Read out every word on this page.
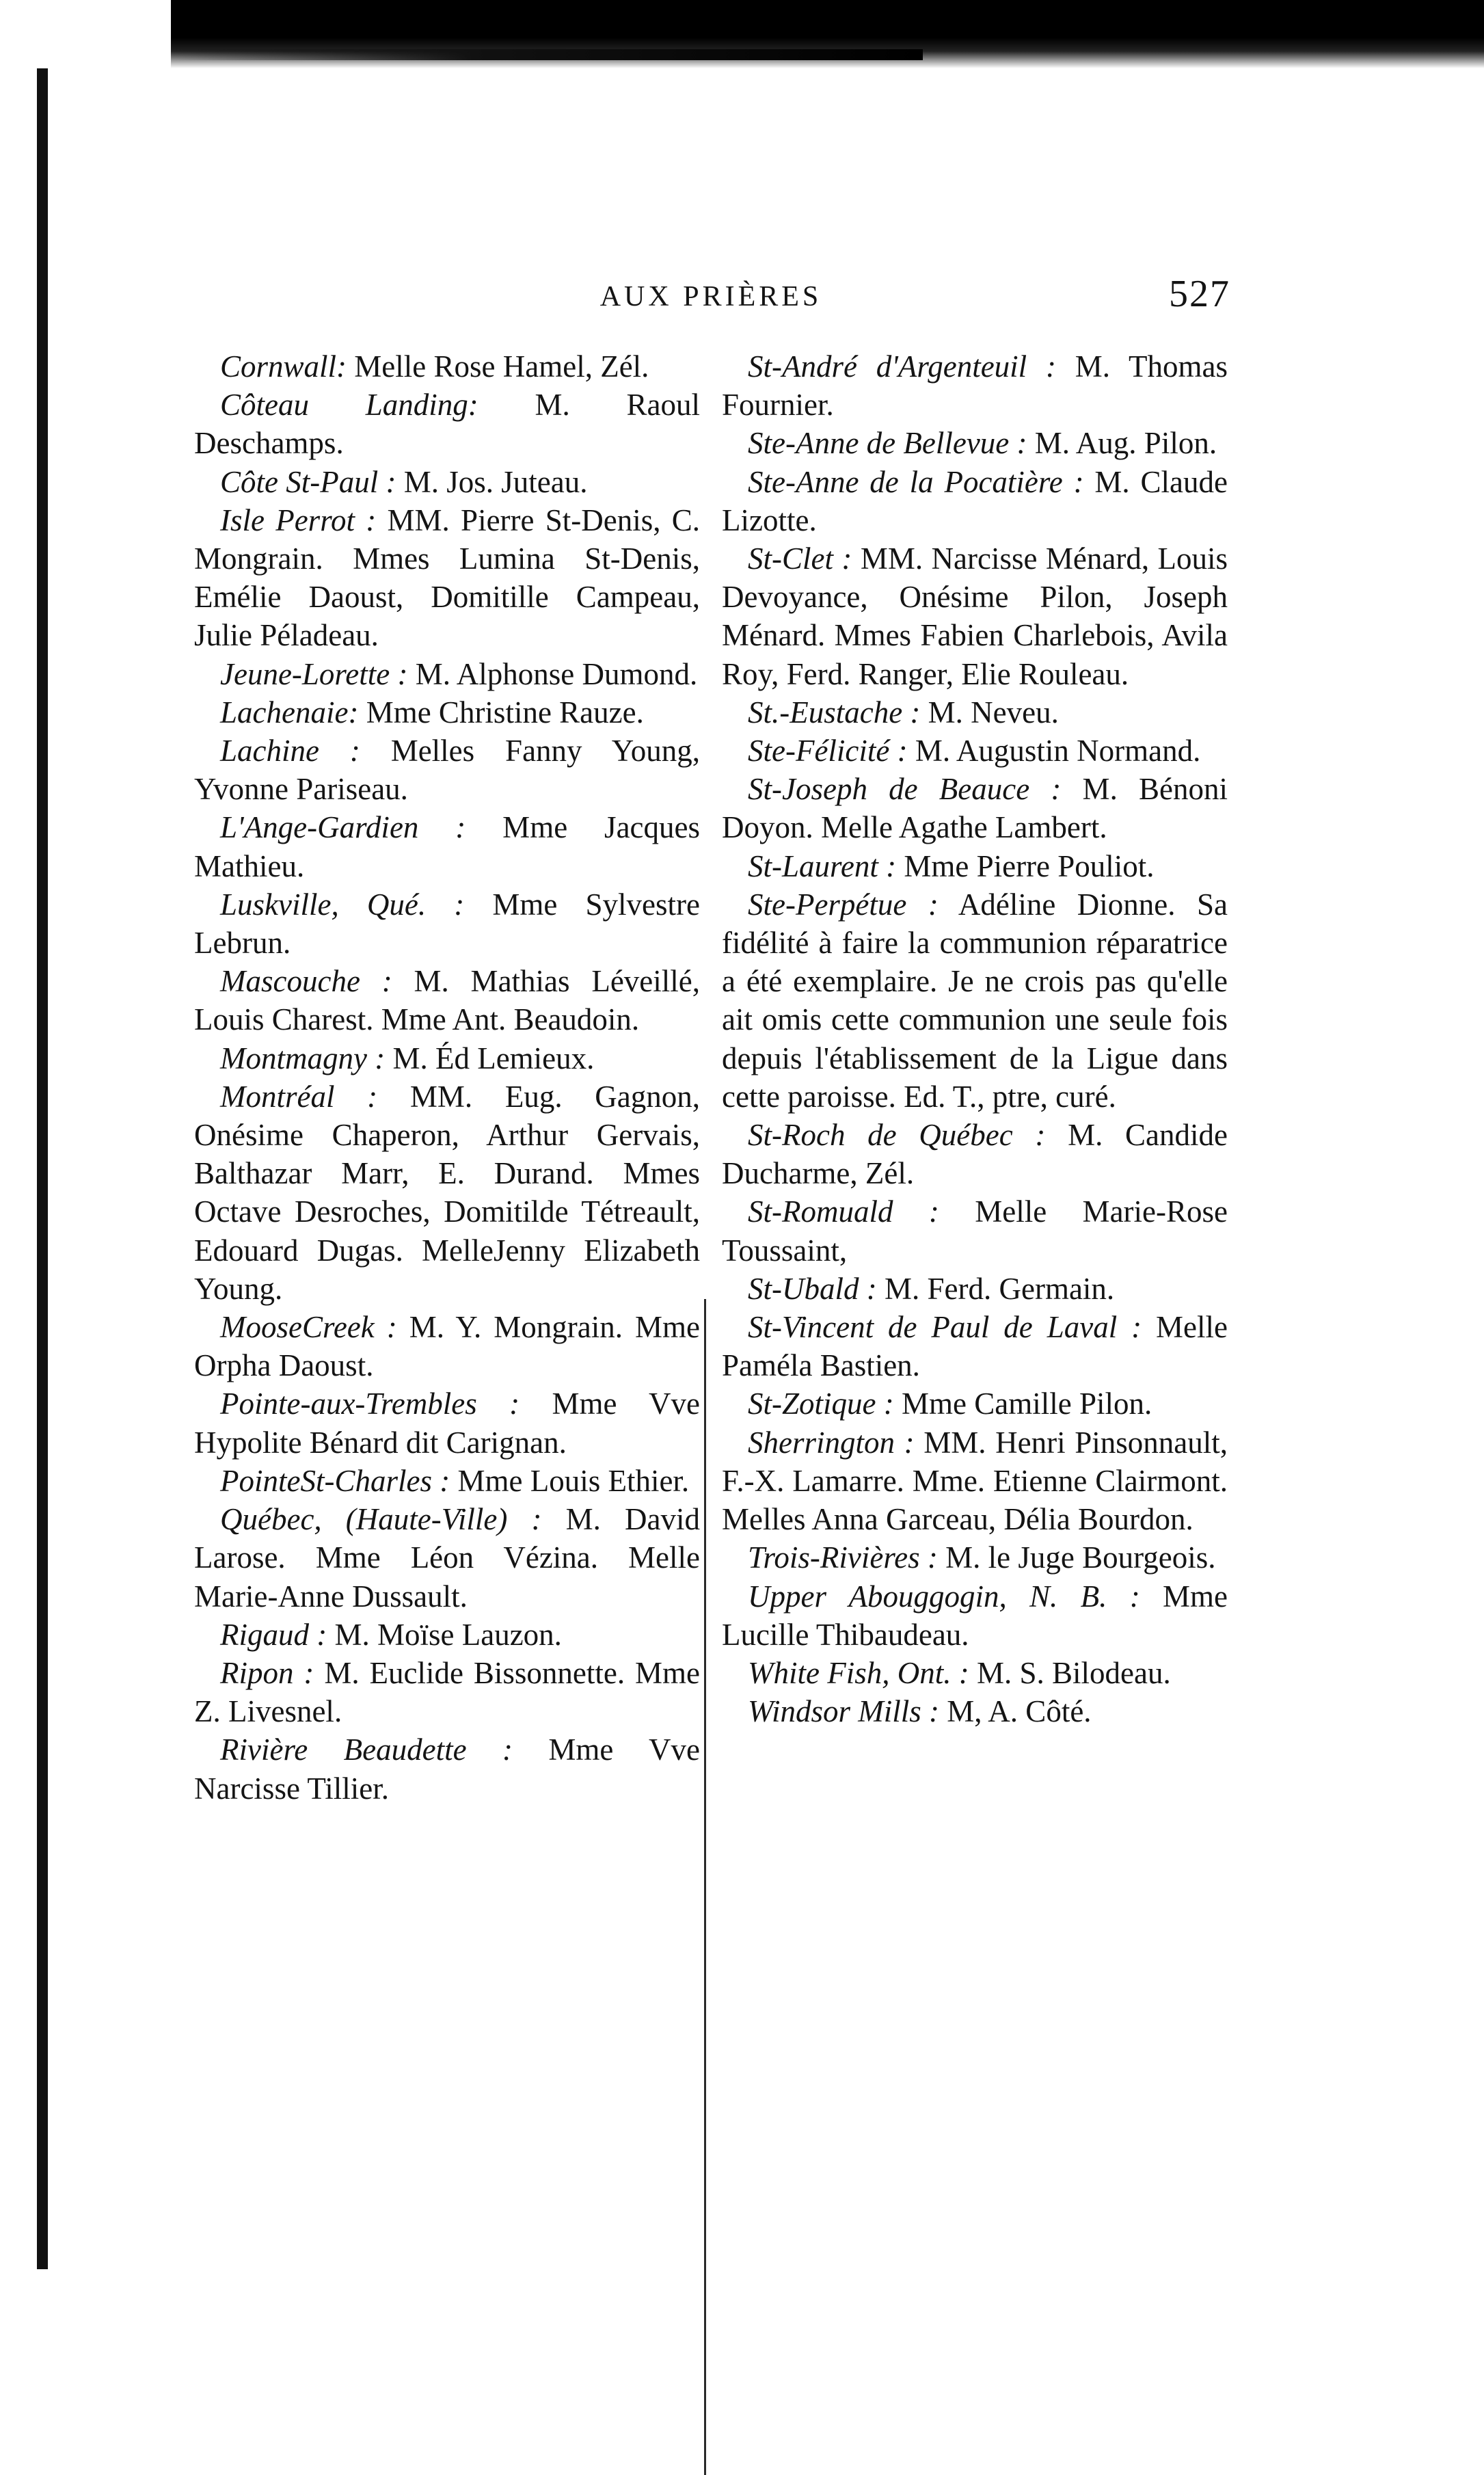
AUX PRIÈRES	527

Cornwall: Melle Rose Hamel, Zél.

Côteau Landing: M. Raoul Deschamps.

Côte St-Paul : M. Jos. Juteau.

Isle Perrot : MM. Pierre St-Denis, C. Mongrain. Mmes Lumina St-Denis, Emélie Daoust, Domitille Campeau, Julie Péladeau.

Jeune-Lorette : M. Alphonse Dumond.

Lachenaie: Mme Christine Rauze.

Lachine : Melles Fanny Young, Yvonne Pariseau.

L'Ange-Gardien : Mme Jacques Mathieu.

Luskville, Qué. : Mme Sylvestre Lebrun.

Mascouche : M. Mathias Léveillé, Louis Charest. Mme Ant. Beaudoin.

Montmagny : M. Éd Lemieux.

Montréal : MM. Eug. Gagnon, Onésime Chaperon, Arthur Gervais, Balthazar Marr, E. Durand. Mmes Octave Desroches, Domitilde Tétreault, Edouard Dugas. MelleJenny Elizabeth Young.

MooseCreek : M. Y. Mongrain. Mme Orpha Daoust.

Pointe-aux-Trembles : Mme Vve Hypolite Bénard dit Carignan.

PointeSt-Charles : Mme Louis Ethier.

Québec, (Haute-Ville) : M. David Larose. Mme Léon Vézina. Melle Marie-Anne Dussault.

Rigaud : M. Moïse Lauzon.

Ripon : M. Euclide Bissonnette. Mme Z. Livesnel.

Rivière Beaudette : Mme Vve Narcisse Tillier.

St-André d'Argenteuil : M. Thomas Fournier.

Ste-Anne de Bellevue : M. Aug. Pilon.

Ste-Anne de la Pocatière : M. Claude Lizotte.

St-Clet : MM. Narcisse Ménard, Louis Devoyance, Onésime Pilon, Joseph Ménard. Mmes Fabien Charlebois, Avila Roy, Ferd. Ranger, Elie Rouleau.

St.-Eustache : M. Neveu.

Ste-Félicité : M. Augustin Normand.

St-Joseph de Beauce : M. Bénoni Doyon. Melle Agathe Lambert.

St-Laurent : Mme Pierre Pouliot.

Ste-Perpétue : Adéline Dionne. Sa fidélité à faire la communion réparatrice a été exemplaire. Je ne crois pas qu'elle ait omis cette communion une seule fois depuis l'établissement de la Ligue dans cette paroisse. Ed. T., ptre, curé.

St-Roch de Québec : M. Candide Ducharme, Zél.

St-Romuald : Melle Marie-Rose Toussaint,

St-Ubald : M. Ferd. Germain.

St-Vincent de Paul de Laval : Melle Paméla Bastien.

St-Zotique : Mme Camille Pilon.

Sherrington : MM. Henri Pinsonnault, F.-X. Lamarre. Mme. Etienne Clairmont. Melles Anna Garceau, Délia Bourdon.

Trois-Rivières : M. le Juge Bourgeois.

Upper Abouggogin, N. B. : Mme Lucille Thibaudeau.

White Fish, Ont. : M. S. Bilodeau.

Windsor Mills : M, A. Côté.
